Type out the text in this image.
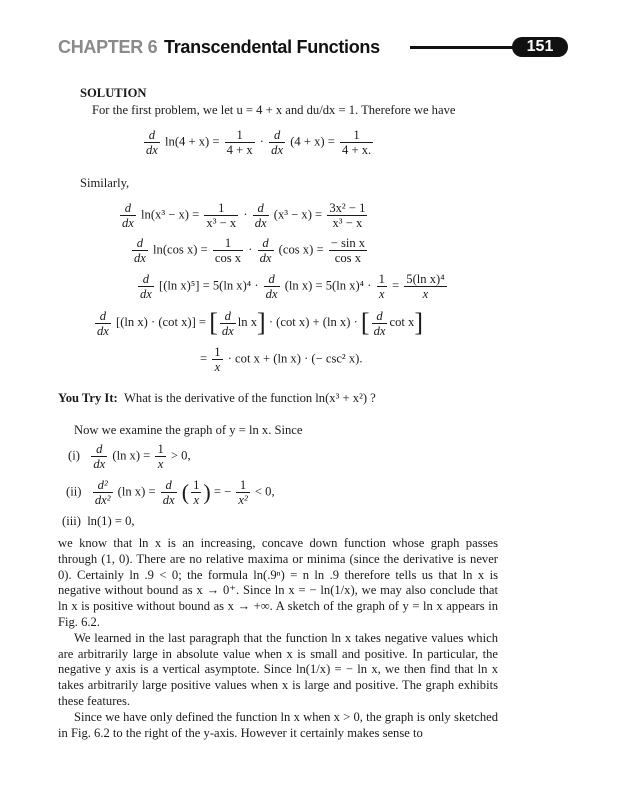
CHAPTER 6 Transcendental Functions	151
SOLUTION
For the first problem, we let u = 4 + x and du/dx = 1. Therefore we have
$\frac{d}{dx} \ln(4 + x) = \frac{1}{4 + x} \cdot \frac{d}{dx} (4 + x) = \frac{1}{4 + x.}$
Similarly,
$\frac{d}{dx} \ln(x^3 - x) = \frac{1}{\text{x³ − x}} \cdot \frac{d}{dx} (x^3 - x) = \frac{\text{3x² − 1}}{\text{x³ − x}}$
$\frac{d}{dx} \ln(\cos$ $x) = \frac{1}{\text{cos x}} \cdot \frac{d}{dx} (\cos$ $x) = \frac{\text{− sin x}}{\text{cos x}}$
$\frac{d}{dx} [(\ln$ x)⁵] = 5(ln $x)^4 \cdot \frac{d}{dx} (\ln$ x) = 5(ln $x)^4 \cdot \frac{1}{x} = \frac{\text{5(ln x)⁴}}{x}$
$\frac{d}{dx} [(\ln$ x) · (cot x)] = [ $\frac{d}{dx}$ ln x] · (cot x) + (ln x) · [ $\frac{d}{dx}$ cot x]
= $\frac{1}{x} \cdot \cot x + (\ln$ x) · (− csc² x).
You Try It: What is the derivative of the function ln(x³ + x²) ?
Now we examine the graph of y = ln x. Since
$(i) \frac{d}{dx} (\ln$ $x) = \frac{1}{x} > 0$,
$(ii) \frac{\text{d²}}{\text{dx²}} (\ln$ $x) = \frac{d}{dx}$ ( $\frac{1}{x}$ ) = − $\frac{1}{\text{x²}} < 0$,
(iii) ln(1) = 0,

we know that ln x is an increasing, concave down function whose graph passes through (1, 0). There are no relative maxima or minima (since the derivative is never 0). Certainly ln .9 < 0; the formula ln(.9ⁿ) = n ln .9 therefore tells us that ln x is negative without bound as x → 0⁺. Since ln x = − ln(1/x), we may also conclude that ln x is positive without bound as x → +∞. A sketch of the graph of y = ln x appears in Fig. 6.2.

We learned in the last paragraph that the function ln x takes negative values which are arbitrarily large in absolute value when x is small and positive. In particular, the negative y axis is a vertical asymptote. Since ln(1/x) = − ln x, we then find that ln x takes arbitrarily large positive values when x is large and positive. The graph exhibits these features.

Since we have only defined the function ln x when x > 0, the graph is only sketched in Fig. 6.2 to the right of the y-axis. However it certainly makes sense to
